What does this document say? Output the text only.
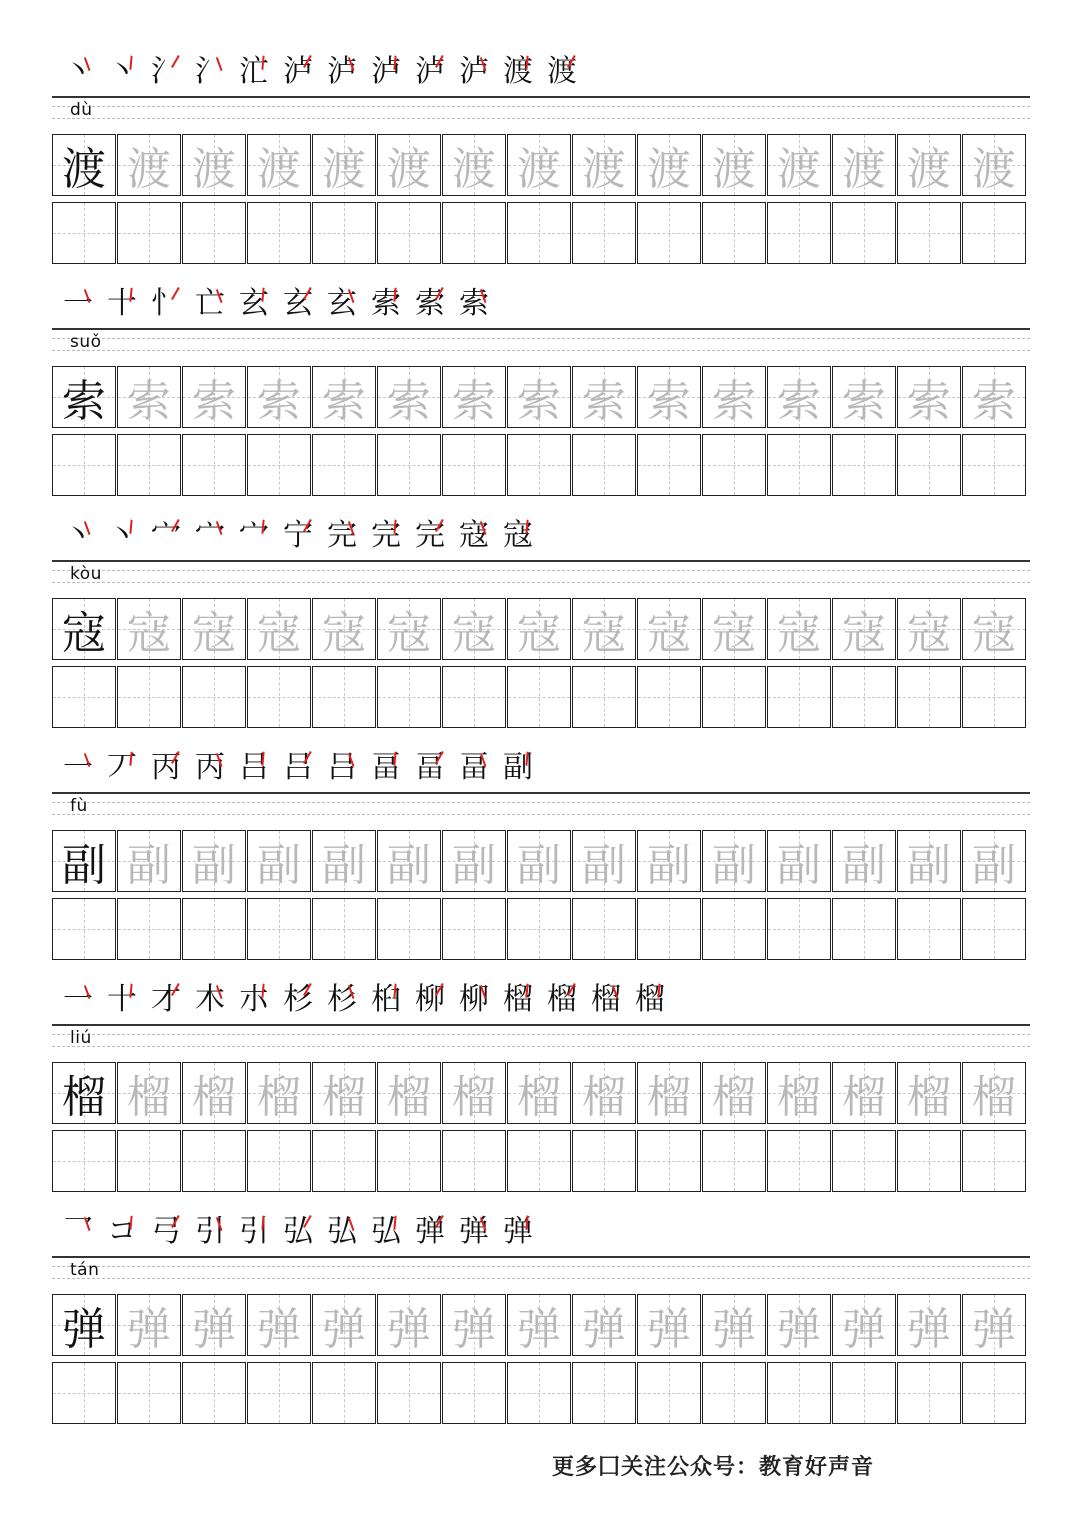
丶 丶 氵 氵 汒 泸 泸 泸 泸 泸 渡 渡
dù
渡 渡 渡 渡 渡 渡 渡 渡 渡 渡 渡 渡 渡 渡 渡
一 十 忄 亡 玄 玄 玄 索 索 索
suǒ
索 索 索 索 索 索 索 索 索 索 索 索 索 索 索
丶 丶 宀 宀 宀 宁 完 完 完 寇 寇
kòu
寇 寇 寇 寇 寇 寇 寇 寇 寇 寇 寇 寇 寇 寇 寇
一 丆 丙 丙 吕 吕 吕 畐 畐 畐 副
fù
副 副 副 副 副 副 副 副 副 副 副 副 副 副 副
一 十 才 木 朩 杉 杉 桕 柳 柳 榴 榴 榴 榴
liú
榴 榴 榴 榴 榴 榴 榴 榴 榴 榴 榴 榴 榴 榴 榴
乛 コ 弓 引 引 弘 弘 弘 弹 弹 弹
tán
弹 弹 弹 弹 弹 弹 弹 弹 弹 弹 弹 弹 弹 弹 弹
更多囗关注公众号：教育好声音
